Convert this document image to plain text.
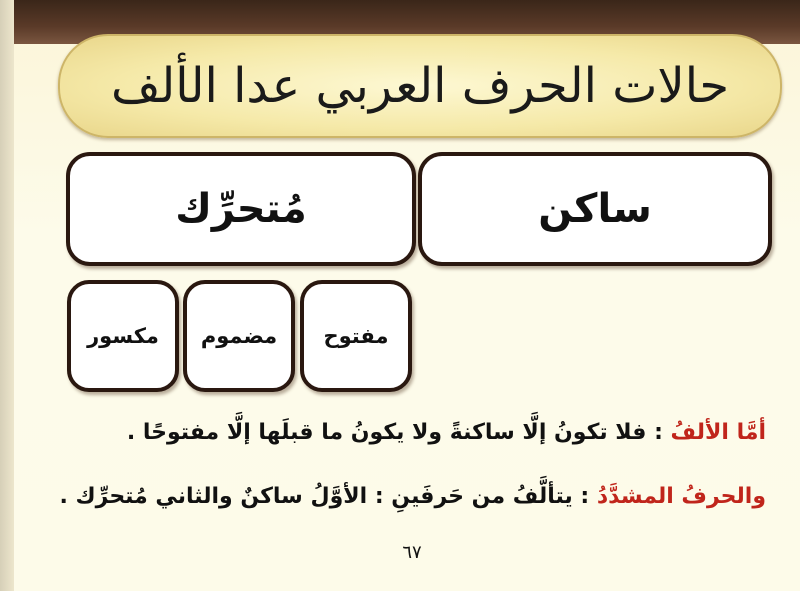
حالات الحرف العربي عدا الألف
ساكن
مُتحرِّك
مفتوح
مضموم
مكسور
أمَّا الألفُ : فلا تكونُ إلَّا ساكنةً ولا يكونُ ما قبلَها إلَّا مفتوحًا .
والحرفُ المشدَّدُ : يتألَّفُ من حَرفَينِ : الأوَّلُ ساكنٌ والثاني مُتحرِّك .
٦٧
